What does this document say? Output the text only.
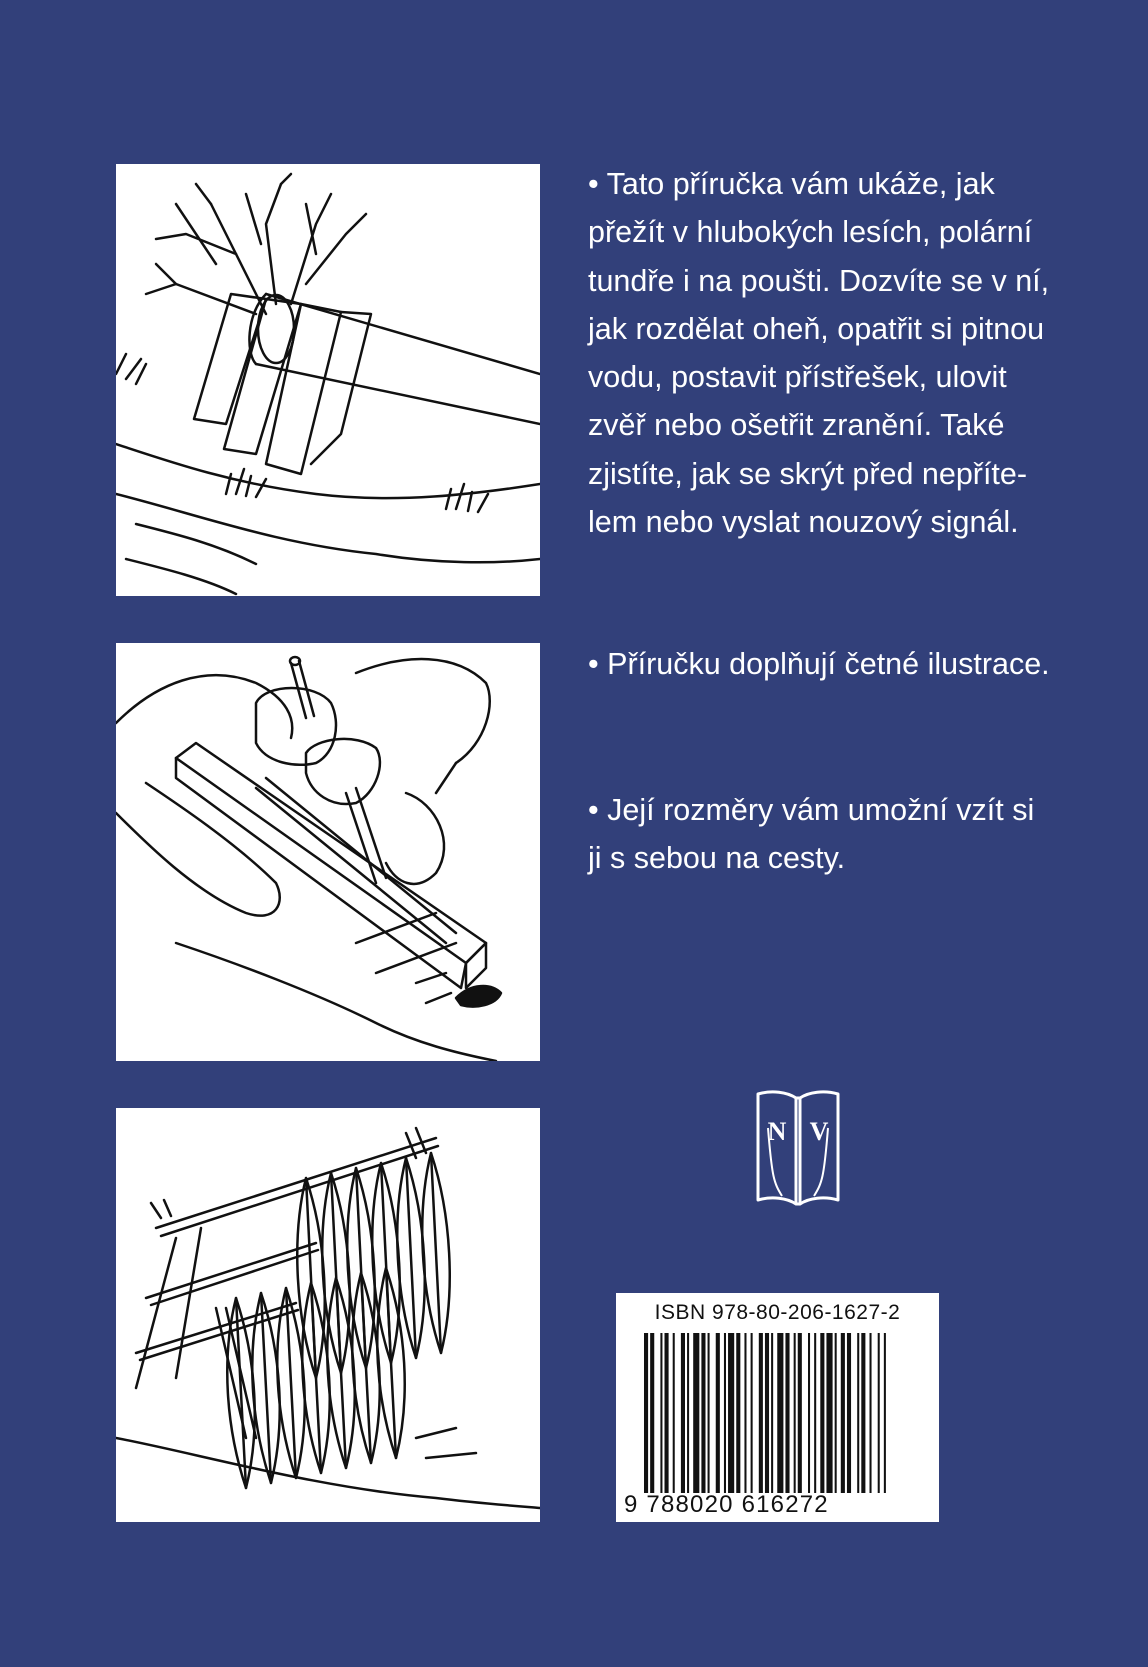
• Tato příručka vám ukáže, jak
přežít v hlubokých lesích, polární
tundře i na poušti. Dozvíte se v ní,
jak rozdělat oheň, opatřit si pitnou
vodu, postavit přístřešek, ulovit
zvěř nebo ošetřit zranění. Také
zjistíte, jak se skrýt před nepříte-
lem nebo vyslat nouzový signál.
• Příručku doplňují četné ilustrace.
• Její rozměry vám umožní vzít si
ji s sebou na cesty.
N V
ISBN 978-80-206-1627-2
9 788020 616272
